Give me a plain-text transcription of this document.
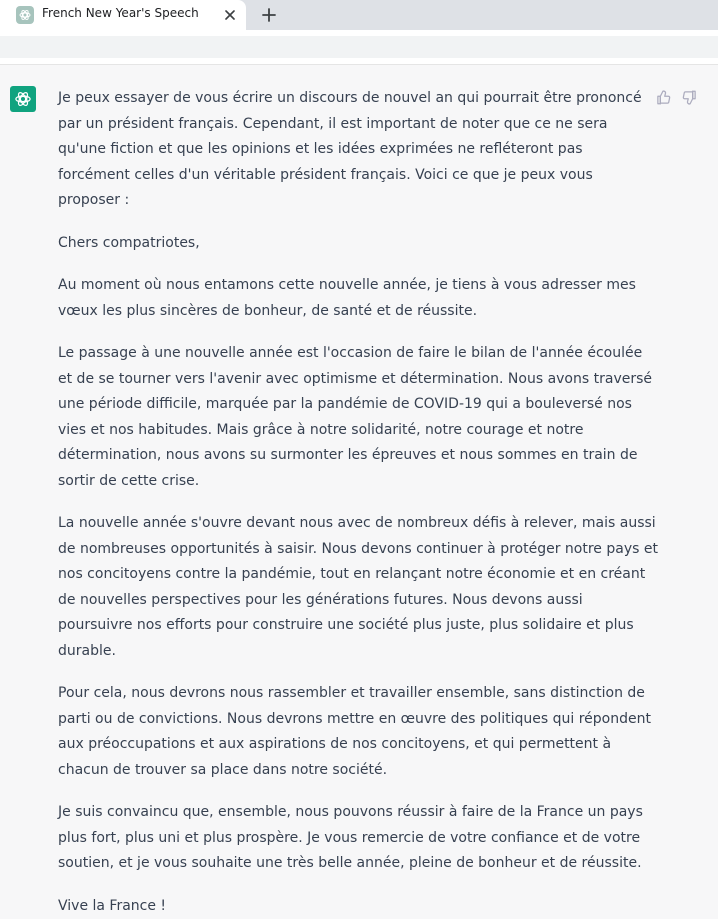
French New Year's Speech

Je peux essayer de vous écrire un discours de nouvel an qui pourrait être prononcé par un président français. Cependant, il est important de noter que ce ne sera qu'une fiction et que les opinions et les idées exprimées ne refléteront pas forcément celles d'un véritable président français. Voici ce que je peux vous proposer :

Chers compatriotes,

Au moment où nous entamons cette nouvelle année, je tiens à vous adresser mes vœux les plus sincères de bonheur, de santé et de réussite.

Le passage à une nouvelle année est l'occasion de faire le bilan de l'année écoulée et de se tourner vers l'avenir avec optimisme et détermination. Nous avons traversé une période difficile, marquée par la pandémie de COVID-19 qui a bouleversé nos vies et nos habitudes. Mais grâce à notre solidarité, notre courage et notre détermination, nous avons su surmonter les épreuves et nous sommes en train de sortir de cette crise.

La nouvelle année s'ouvre devant nous avec de nombreux défis à relever, mais aussi de nombreuses opportunités à saisir. Nous devons continuer à protéger notre pays et nos concitoyens contre la pandémie, tout en relançant notre économie et en créant de nouvelles perspectives pour les générations futures. Nous devons aussi poursuivre nos efforts pour construire une société plus juste, plus solidaire et plus durable.

Pour cela, nous devrons nous rassembler et travailler ensemble, sans distinction de parti ou de convictions. Nous devrons mettre en œuvre des politiques qui répondent aux préoccupations et aux aspirations de nos concitoyens, et qui permettent à chacun de trouver sa place dans notre société.

Je suis convaincu que, ensemble, nous pouvons réussir à faire de la France un pays plus fort, plus uni et plus prospère. Je vous remercie de votre confiance et de votre soutien, et je vous souhaite une très belle année, pleine de bonheur et de réussite.

Vive la France !
